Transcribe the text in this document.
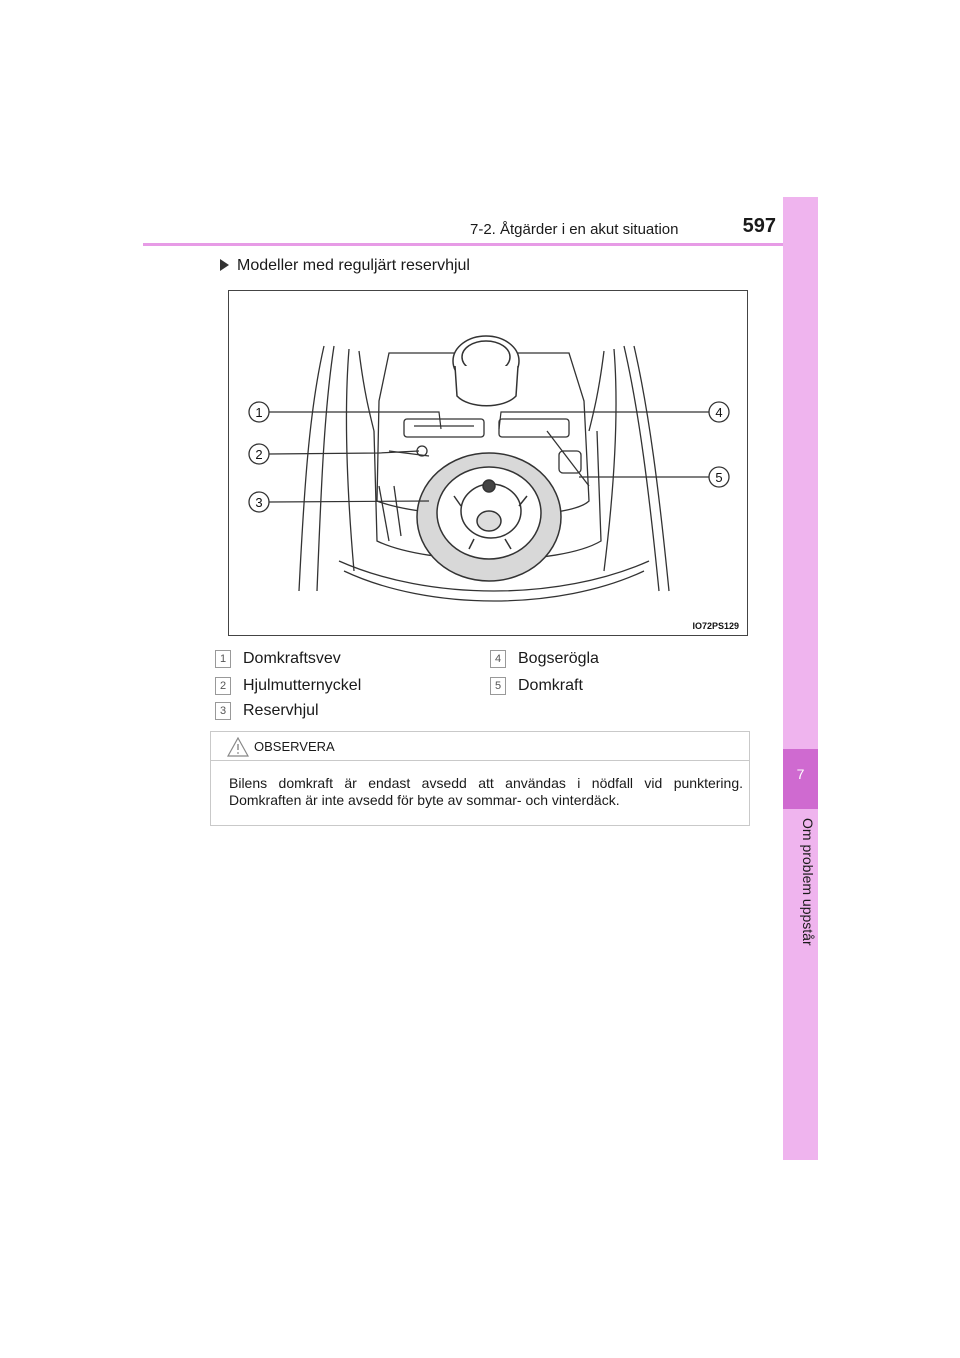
7-2. Åtgärder i en akut situation	597
7
Om problem uppstår
Modeller med reguljärt reservhjul
1
2
3
4
5
IO72PS129
1 Domkraftsvev
2 Hjulmutternyckel
3 Reservhjul
4 Bogserögla
5 Domkraft
OBSERVERA
Bilens domkraft är endast avsedd att användas i nödfall vid punktering. Domkraften är inte avsedd för byte av sommar- och vinterdäck.
